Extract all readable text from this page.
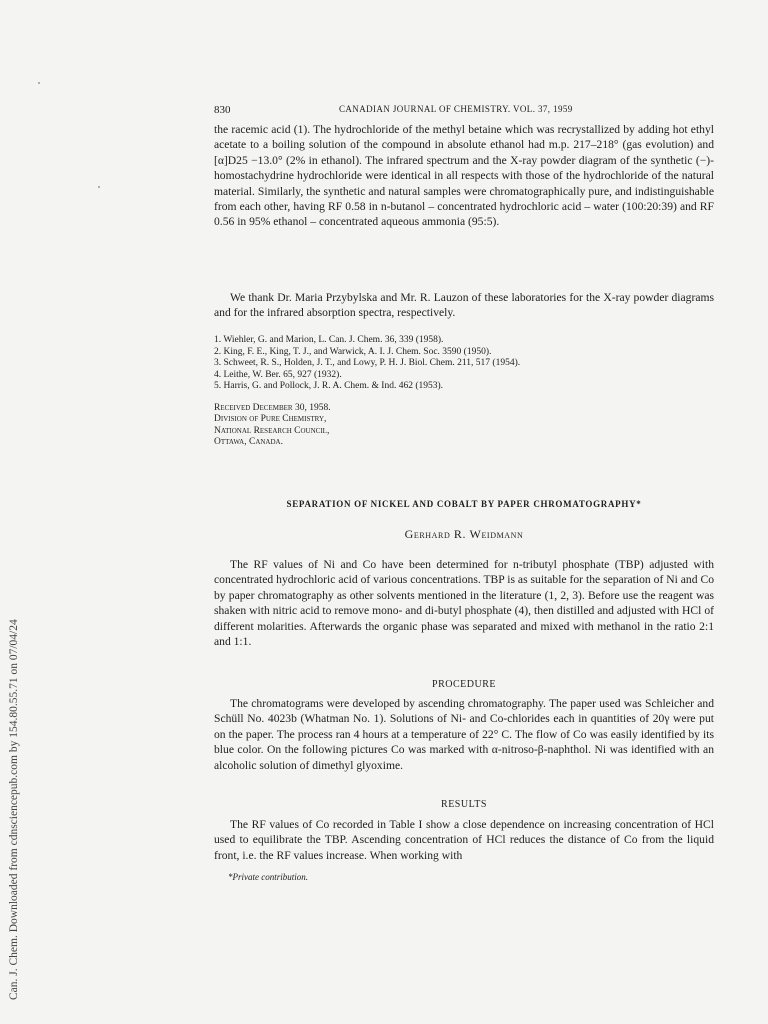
Can. J. Chem. Downloaded from cdnsciencepub.com by 154.80.55.71 on 07/04/24
830	CANADIAN JOURNAL OF CHEMISTRY. VOL. 37, 1959

the racemic acid (1). The hydrochloride of the methyl betaine which was recrystallized by adding hot ethyl acetate to a boiling solution of the compound in absolute ethanol had m.p. 217–218° (gas evolution) and [α]D25 −13.0° (2% in ethanol). The infrared spectrum and the X-ray powder diagram of the synthetic (−)-homostachydrine hydrochloride were identical in all respects with those of the hydrochloride of the natural material. Similarly, the synthetic and natural samples were chromatographically pure, and indistinguishable from each other, having RF 0.58 in n-butanol – concentrated hydrochloric acid – water (100:20:39) and RF 0.56 in 95% ethanol – concentrated aqueous ammonia (95:5).

We thank Dr. Maria Przybylska and Mr. R. Lauzon of these laboratories for the X-ray powder diagrams and for the infrared absorption spectra, respectively.

1. Wiehler, G. and Marion, L. Can. J. Chem. 36, 339 (1958).
2. King, F. E., King, T. J., and Warwick, A. I. J. Chem. Soc. 3590 (1950).
3. Schweet, R. S., Holden, J. T., and Lowy, P. H. J. Biol. Chem. 211, 517 (1954).
4. Leithe, W. Ber. 65, 927 (1932).
5. Harris, G. and Pollock, J. R. A. Chem. & Ind. 462 (1953).
Received December 30, 1958.
Division of Pure Chemistry,
National Research Council,
Ottawa, Canada.
SEPARATION OF NICKEL AND COBALT BY PAPER CHROMATOGRAPHY*
Gerhard R. Weidmann

The RF values of Ni and Co have been determined for n-tributyl phosphate (TBP) adjusted with concentrated hydrochloric acid of various concentrations. TBP is as suitable for the separation of Ni and Co by paper chromatography as other solvents mentioned in the literature (1, 2, 3). Before use the reagent was shaken with nitric acid to remove mono- and di-butyl phosphate (4), then distilled and adjusted with HCl of different molarities. Afterwards the organic phase was separated and mixed with methanol in the ratio 2:1 and 1:1.

PROCEDURE

The chromatograms were developed by ascending chromatography. The paper used was Schleicher and Schüll No. 4023b (Whatman No. 1). Solutions of Ni- and Co-chlorides each in quantities of 20γ were put on the paper. The process ran 4 hours at a temperature of 22° C. The flow of Co was easily identified by its blue color. On the following pictures Co was marked with α-nitroso-β-naphthol. Ni was identified with an alcoholic solution of dimethyl glyoxime.

RESULTS

The RF values of Co recorded in Table I show a close dependence on increasing concentration of HCl used to equilibrate the TBP. Ascending concentration of HCl reduces the distance of Co from the liquid front, i.e. the RF values increase. When working with

*Private contribution.
